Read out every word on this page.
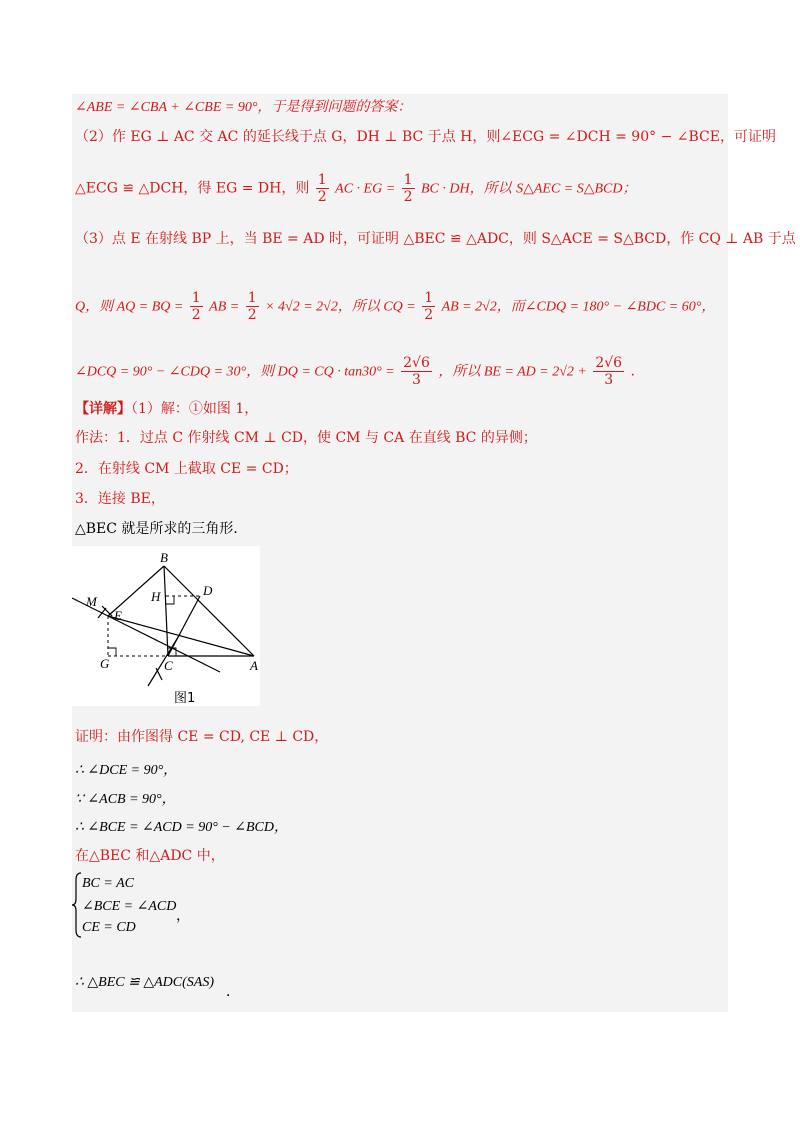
∠ABE = ∠CBA + ∠CBE = 90°，于是得到问题的答案：
（2）作 EG ⊥ AC 交 AC 的延长线于点 G，DH ⊥ BC 于点 H，则∠ECG = ∠DCH = 90° − ∠BCE，可证明
△ECG ≌ △DCH，得 EG = DH，则 $\frac{1}{2}$ AC · EG = $\frac{1}{2}$ BC · DH，所以 S△AEC = S△BCD；
（3）点 E 在射线 BP 上，当 BE = AD 时，可证明 △BEC ≌ △ADC，则 S△ACE = S△BCD，作 CQ ⊥ AB 于点
Q，则 AQ = BQ = $\frac{1}{2}$ AB = $\frac{1}{2} \times 4√2 = 2√2$，所以 CQ = $\frac{1}{2}$ AB = 2√2，而∠CDQ = 180° − ∠BDC = 60°，
∠DCQ = 90° − ∠CDQ = 30°，则 DQ = CQ · $\tan 30^\circ = \frac{2√6}{3}$ ，所以 BE = AD = $2√2 + \frac{2√6}{3}$ .
【详解】（1）解：①如图 1，
作法：1．过点 C 作射线 CM ⊥ CD，使 CM 与 CA 在直线 BC 的异侧；
2．在射线 CM 上截取 CE = CD；
3．连接 BE，
△BEC 就是所求的三角形．
B
D
H
M
E
G	C	A
图1
证明：由作图得 CE = CD, CE ⊥ CD，
∴ ∠DCE = 90°，
∵ ∠ACB = 90°，
∴ ∠BCE = ∠ACD = 90° − ∠BCD，
在△BEC 和△ADC 中，
BC = AC
∠BCE = ∠ACD
CE = CD
，
∴ △BEC ≌ △ADC(SAS)
．
